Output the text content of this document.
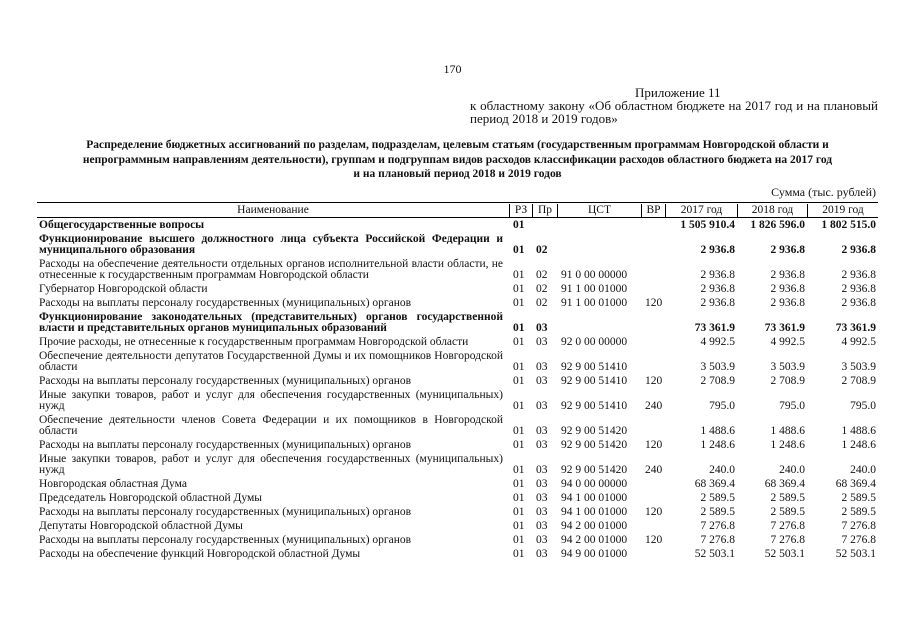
170
Приложение 11
к областному закону «Об областном бюджете на 2017 год и на плановый период 2018 и 2019 годов»
Распределение бюджетных ассигнований по разделам, подразделам, целевым статьям (государственным программам Новгородской области и непрограммным направлениям деятельности), группам и подгруппам видов расходов классификации расходов областного бюджета на 2017 год и на плановый период 2018 и 2019 годов
Сумма (тыс. рублей)
Наименование	РЗ Пр	ЦСТ	ВР	2017 год	2018 год	2019 год
Общегосударственные вопросы	01	1 505 910.4	1 826 596.0	1 802 515.0
Функционирование высшего должностного лица субъекта Российской Федерации и муниципального образования	01	02	2 936.8	2 936.8	2 936.8
Расходы на обеспечение деятельности отдельных органов исполнительной власти области, не отнесенные к государственным программам Новгородской области	01	02	91 0 00 00000	2 936.8	2 936.8	2 936.8
Губернатор Новгородской области	01	02	91 1 00 01000	2 936.8	2 936.8	2 936.8
Расходы на выплаты персоналу государственных (муниципальных) органов	01	02	91 1 00 01000	120	2 936.8	2 936.8	2 936.8
Функционирование законодательных (представительных) органов государственной власти и представительных органов муниципальных образований	01	03	73 361.9	73 361.9	73 361.9
Прочие расходы, не отнесенные к государственным программам Новгородской области	01	03	92 0 00 00000	4 992.5	4 992.5	4 992.5
Обеспечение деятельности депутатов Государственной Думы и их помощников Новгородской области	01	03	92 9 00 51410	3 503.9	3 503.9	3 503.9
Расходы на выплаты персоналу государственных (муниципальных) органов	01	03	92 9 00 51410	120	2 708.9	2 708.9	2 708.9
Иные закупки товаров, работ и услуг для обеспечения государственных (муниципальных) нужд	01	03	92 9 00 51410	240	795.0	795.0	795.0
Обеспечение деятельности членов Совета Федерации и их помощников в Новгородской области	01	03	92 9 00 51420	1 488.6	1 488.6	1 488.6
Расходы на выплаты персоналу государственных (муниципальных) органов	01	03	92 9 00 51420	120	1 248.6	1 248.6	1 248.6
Иные закупки товаров, работ и услуг для обеспечения государственных (муниципальных) нужд	01	03	92 9 00 51420	240	240.0	240.0	240.0
Новгородская областная Дума	01	03	94 0 00 00000	68 369.4	68 369.4	68 369.4
Председатель Новгородской областной Думы	01	03	94 1 00 01000	2 589.5	2 589.5	2 589.5
Расходы на выплаты персоналу государственных (муниципальных) органов	01	03	94 1 00 01000	120	2 589.5	2 589.5	2 589.5
Депутаты Новгородской областной Думы	01	03	94 2 00 01000	7 276.8	7 276.8	7 276.8
Расходы на выплаты персоналу государственных (муниципальных) органов	01	03	94 2 00 01000	120	7 276.8	7 276.8	7 276.8
Расходы на обеспечение функций Новгородской областной Думы	01	03	94 9 00 01000	52 503.1	52 503.1	52 503.1
